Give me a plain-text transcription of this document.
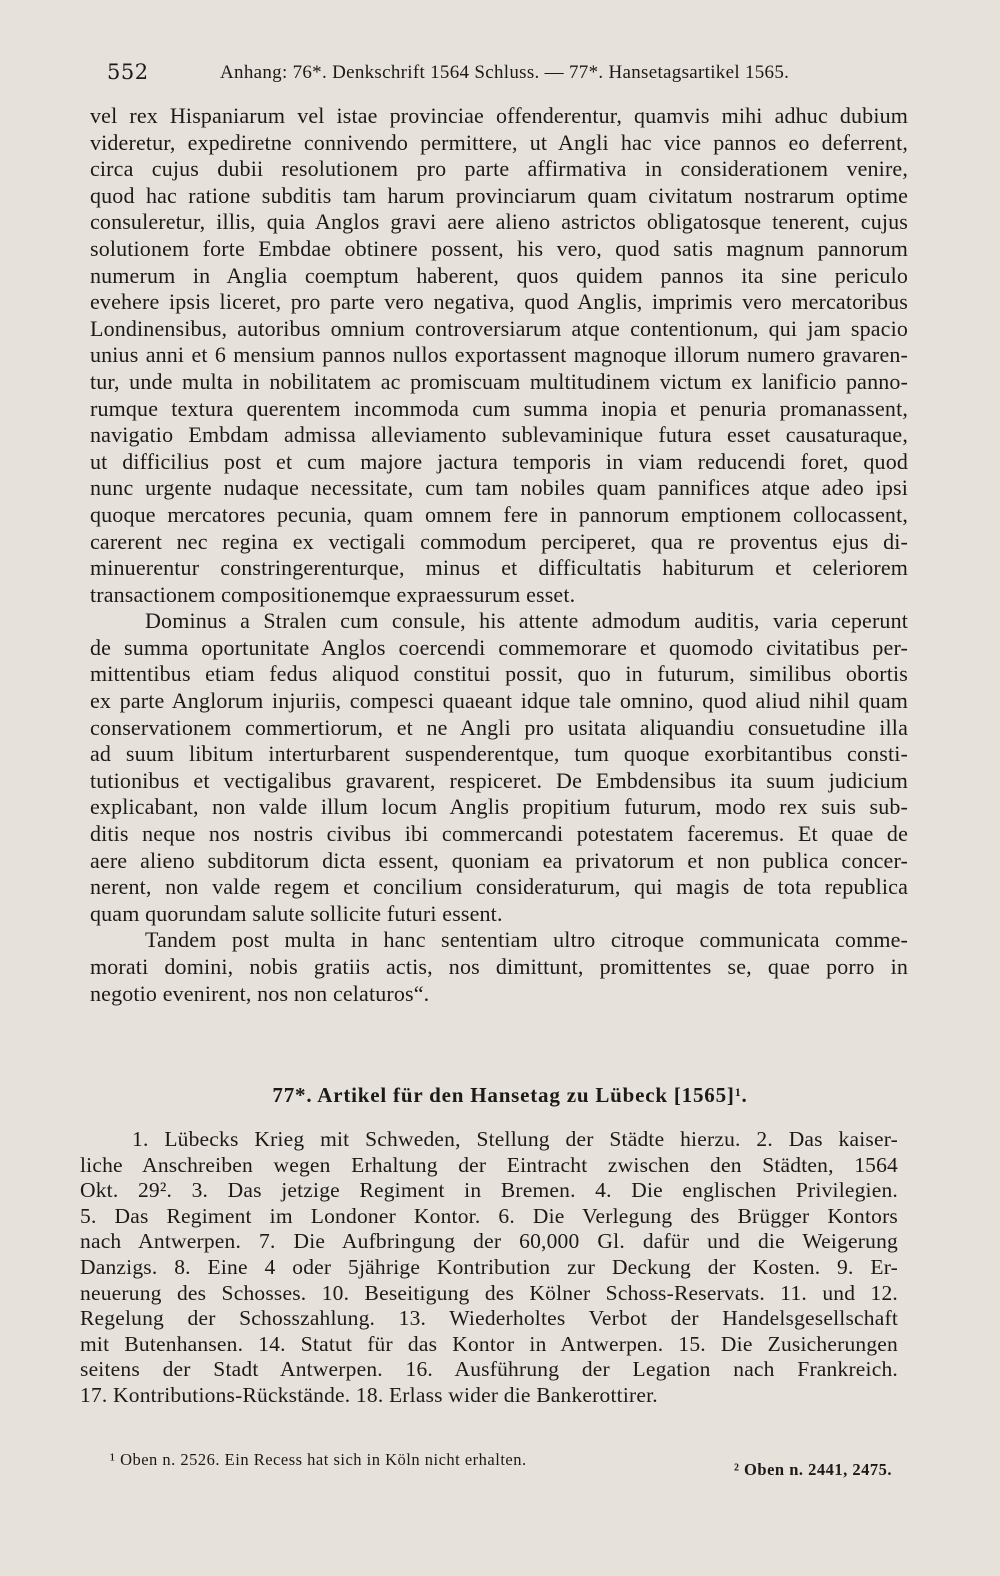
552	Anhang: 76*. Denkschrift 1564 Schluss. — 77*. Hansetagsartikel 1565.
vel rex Hispaniarum vel istae provinciae offenderentur, quamvis mihi adhuc dubium
videretur, expediretne connivendo permittere, ut Angli hac vice pannos eo deferrent,
circa cujus dubii resolutionem pro parte affirmativa in considerationem venire,
quod hac ratione subditis tam harum provinciarum quam civitatum nostrarum optime
consuleretur, illis, quia Anglos gravi aere alieno astrictos obligatosque tenerent, cujus
solutionem forte Embdae obtinere possent, his vero, quod satis magnum pannorum
numerum in Anglia coemptum haberent, quos quidem pannos ita sine periculo
evehere ipsis liceret, pro parte vero negativa, quod Anglis, imprimis vero mercatoribus
Londinensibus, autoribus omnium controversiarum atque contentionum, qui jam spacio
unius anni et 6 mensium pannos nullos exportassent magnoque illorum numero gravaren-
tur, unde multa in nobilitatem ac promiscuam multitudinem victum ex lanificio panno-
rumque textura querentem incommoda cum summa inopia et penuria promanassent,
navigatio Embdam admissa alleviamento sublevaminique futura esset causaturaque,
ut difficilius post et cum majore jactura temporis in viam reducendi foret, quod
nunc urgente nudaque necessitate, cum tam nobiles quam pannifices atque adeo ipsi
quoque mercatores pecunia, quam omnem fere in pannorum emptionem collocassent,
carerent nec regina ex vectigali commodum perciperet, qua re proventus ejus di-
minuerentur constringerenturque, minus et difficultatis habiturum et celeriorem
transactionem compositionemque expraessurum esset.
Dominus a Stralen cum consule, his attente admodum auditis, varia ceperunt
de summa oportunitate Anglos coercendi commemorare et quomodo civitatibus per-
mittentibus etiam fedus aliquod constitui possit, quo in futurum, similibus obortis
ex parte Anglorum injuriis, compesci quaeant idque tale omnino, quod aliud nihil quam
conservationem commertiorum, et ne Angli pro usitata aliquandiu consuetudine illa
ad suum libitum interturbarent suspenderentque, tum quoque exorbitantibus consti-
tutionibus et vectigalibus gravarent, respiceret. De Embdensibus ita suum judicium
explicabant, non valde illum locum Anglis propitium futurum, modo rex suis sub-
ditis neque nos nostris civibus ibi commercandi potestatem faceremus. Et quae de
aere alieno subditorum dicta essent, quoniam ea privatorum et non publica concer-
nerent, non valde regem et concilium consideraturum, qui magis de tota republica
quam quorundam salute sollicite futuri essent.
Tandem post multa in hanc sententiam ultro citroque communicata comme-
morati domini, nobis gratiis actis, nos dimittunt, promittentes se, quae porro in
negotio evenirent, nos non celaturos“.
77*. Artikel für den Hansetag zu Lübeck $[1565]^1$.
1. Lübecks Krieg mit Schweden, Stellung der Städte hierzu. 2. Das kaiser-
liche Anschreiben wegen Erhaltung der Eintracht zwischen den Städten, 1564
Okt. 29². 3. Das jetzige Regiment in Bremen. 4. Die englischen Privilegien.
5. Das Regiment im Londoner Kontor. 6. Die Verlegung des Brügger Kontors
nach Antwerpen. 7. Die Aufbringung der 60,000 Gl. dafür und die Weigerung
Danzigs. 8. Eine 4 oder 5jährige Kontribution zur Deckung der Kosten. 9. Er-
neuerung des Schosses. 10. Beseitigung des Kölner Schoss-Reservats. 11. und 12.
Regelung der Schosszahlung. 13. Wiederholtes Verbot der Handelsgesellschaft
mit Butenhansen. 14. Statut für das Kontor in Antwerpen. 15. Die Zusicherungen
seitens der Stadt Antwerpen. 16. Ausführung der Legation nach Frankreich.
17. Kontributions-Rückstände. 18. Erlass wider die Bankerottirer.
¹ Oben n. 2526. Ein Recess hat sich in Köln nicht erhalten.
² Oben n. 2441, 2475.
